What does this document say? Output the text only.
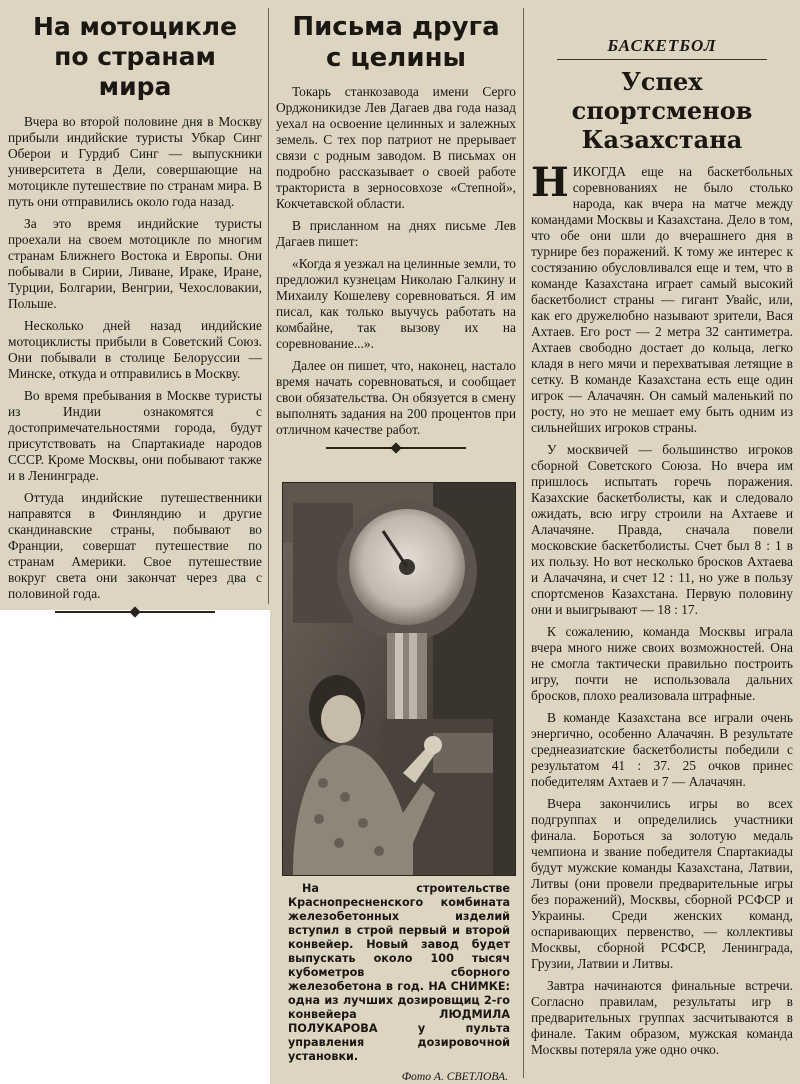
На мотоцикле по странам мира

Вчера во второй половине дня в Москву прибыли индийские туристы Убкар Синг Оберои и Гурдиб Синг — выпускники университета в Дели, совершающие на мотоцикле путешествие по странам мира. В путь они отправились около года назад.

За это время индийские туристы проехали на своем мотоцикле по многим странам Ближнего Востока и Европы. Они побывали в Сирии, Ливане, Ираке, Иране, Турции, Болгарии, Венгрии, Чехословакии, Польше.

Несколько дней назад индийские мотоциклисты прибыли в Советский Союз. Они побывали в столице Белоруссии — Минске, откуда и отправились в Москву.

Во время пребывания в Москве туристы из Индии ознакомятся с достопримечательностями города, будут присутствовать на Спартакиаде народов СССР. Кроме Москвы, они побывают также и в Ленинграде.

Оттуда индийские путешественники направятся в Финляндию и другие скандинавские страны, побывают во Франции, совершат путешествие по странам Америки. Свое путешествие вокруг света они закончат через два с половиной года.

Письма друга с целины

Токарь станкозавода имени Серго Орджоникидзе Лев Дагаев два года назад уехал на освоение целинных и залежных земель. С тех пор патриот не прерывает связи с родным заводом. В письмах он подробно рассказывает о своей работе тракториста в зерносовхозе «Степной», Кокчетавской области.

В присланном на днях письме Лев Дагаев пишет:

«Когда я уезжал на целинные земли, то предложил кузнецам Николаю Галкину и Михаилу Кошелеву соревноваться. Я им писал, как только выучусь работать на комбайне, так вызову их на соревнование...».

Далее он пишет, что, наконец, настало время начать соревноваться, и сообщает свои обязательства. Он обязуется в смену выполнять задания на 200 процентов при отличном качестве работ.

На строительстве Краснопресненского комбината железобетонных изделий вступил в строй первый и второй конвейер. Новый завод будет выпускать около 100 тысяч кубометров сборного железобетона в год. НА СНИМКЕ: одна из лучших дозировщиц 2-го конвейера ЛЮДМИЛА ПОЛУКАРОВА у пульта управления дозировочной установки.

Фото А. СВЕТЛОВА.

БАСКЕТБОЛ
Успех спортсменов Казахстана

НИКОГДА еще на баскетбольных соревнованиях не было столько народа, как вчера на матче между командами Москвы и Казахстана. Дело в том, что обе они шли до вчерашнего дня в турнире без поражений. К тому же интерес к состязанию обусловливался еще и тем, что в команде Казахстана играет самый высокий баскетболист страны — гигант Увайс, или, как его дружелюбно называют зрители, Вася Ахтаев. Его рост — 2 метра 32 сантиметра. Ахтаев свободно достает до кольца, легко кладя в него мячи и перехватывая летящие в сетку. В команде Казахстана есть еще один игрок — Алачачян. Он самый маленький по росту, но это не мешает ему быть одним из сильнейших игроков страны.

У москвичей — большинство игроков сборной Советского Союза. Но вчера им пришлось испытать горечь поражения. Казахские баскетболисты, как и следовало ожидать, всю игру строили на Ахтаеве и Алачачяне. Правда, сначала повели московские баскетболисты. Счет был 8 : 1 в их пользу. Но вот несколько бросков Ахтаева и Алачачяна, и счет 12 : 11, но уже в пользу спортсменов Казахстана. Первую половину они и выигрывают — 18 : 17.

К сожалению, команда Москвы играла вчера много ниже своих возможностей. Она не смогла тактически правильно построить игру, почти не использовала дальних бросков, плохо реализовала штрафные.

В команде Казахстана все играли очень энергично, особенно Алачачян. В результате среднеазиатские баскетболисты победили с результатом 41 : 37. 25 очков принес победителям Ахтаев и 7 — Алачачян.

Вчера закончились игры во всех подгруппах и определились участники финала. Бороться за золотую медаль чемпиона и звание победителя Спартакиады будут мужские команды Казахстана, Латвии, Литвы (они провели предварительные игры без поражений), Москвы, сборной РСФСР и Украины. Среди женских команд, оспаривающих первенство, — коллективы Москвы, сборной РСФСР, Ленинграда, Грузии, Латвии и Литвы.

Завтра начинаются финальные встречи. Согласно правилам, результаты игр в предварительных группах засчитываются в финале. Таким образом, мужская команда Москвы потеряла уже одно очко.
